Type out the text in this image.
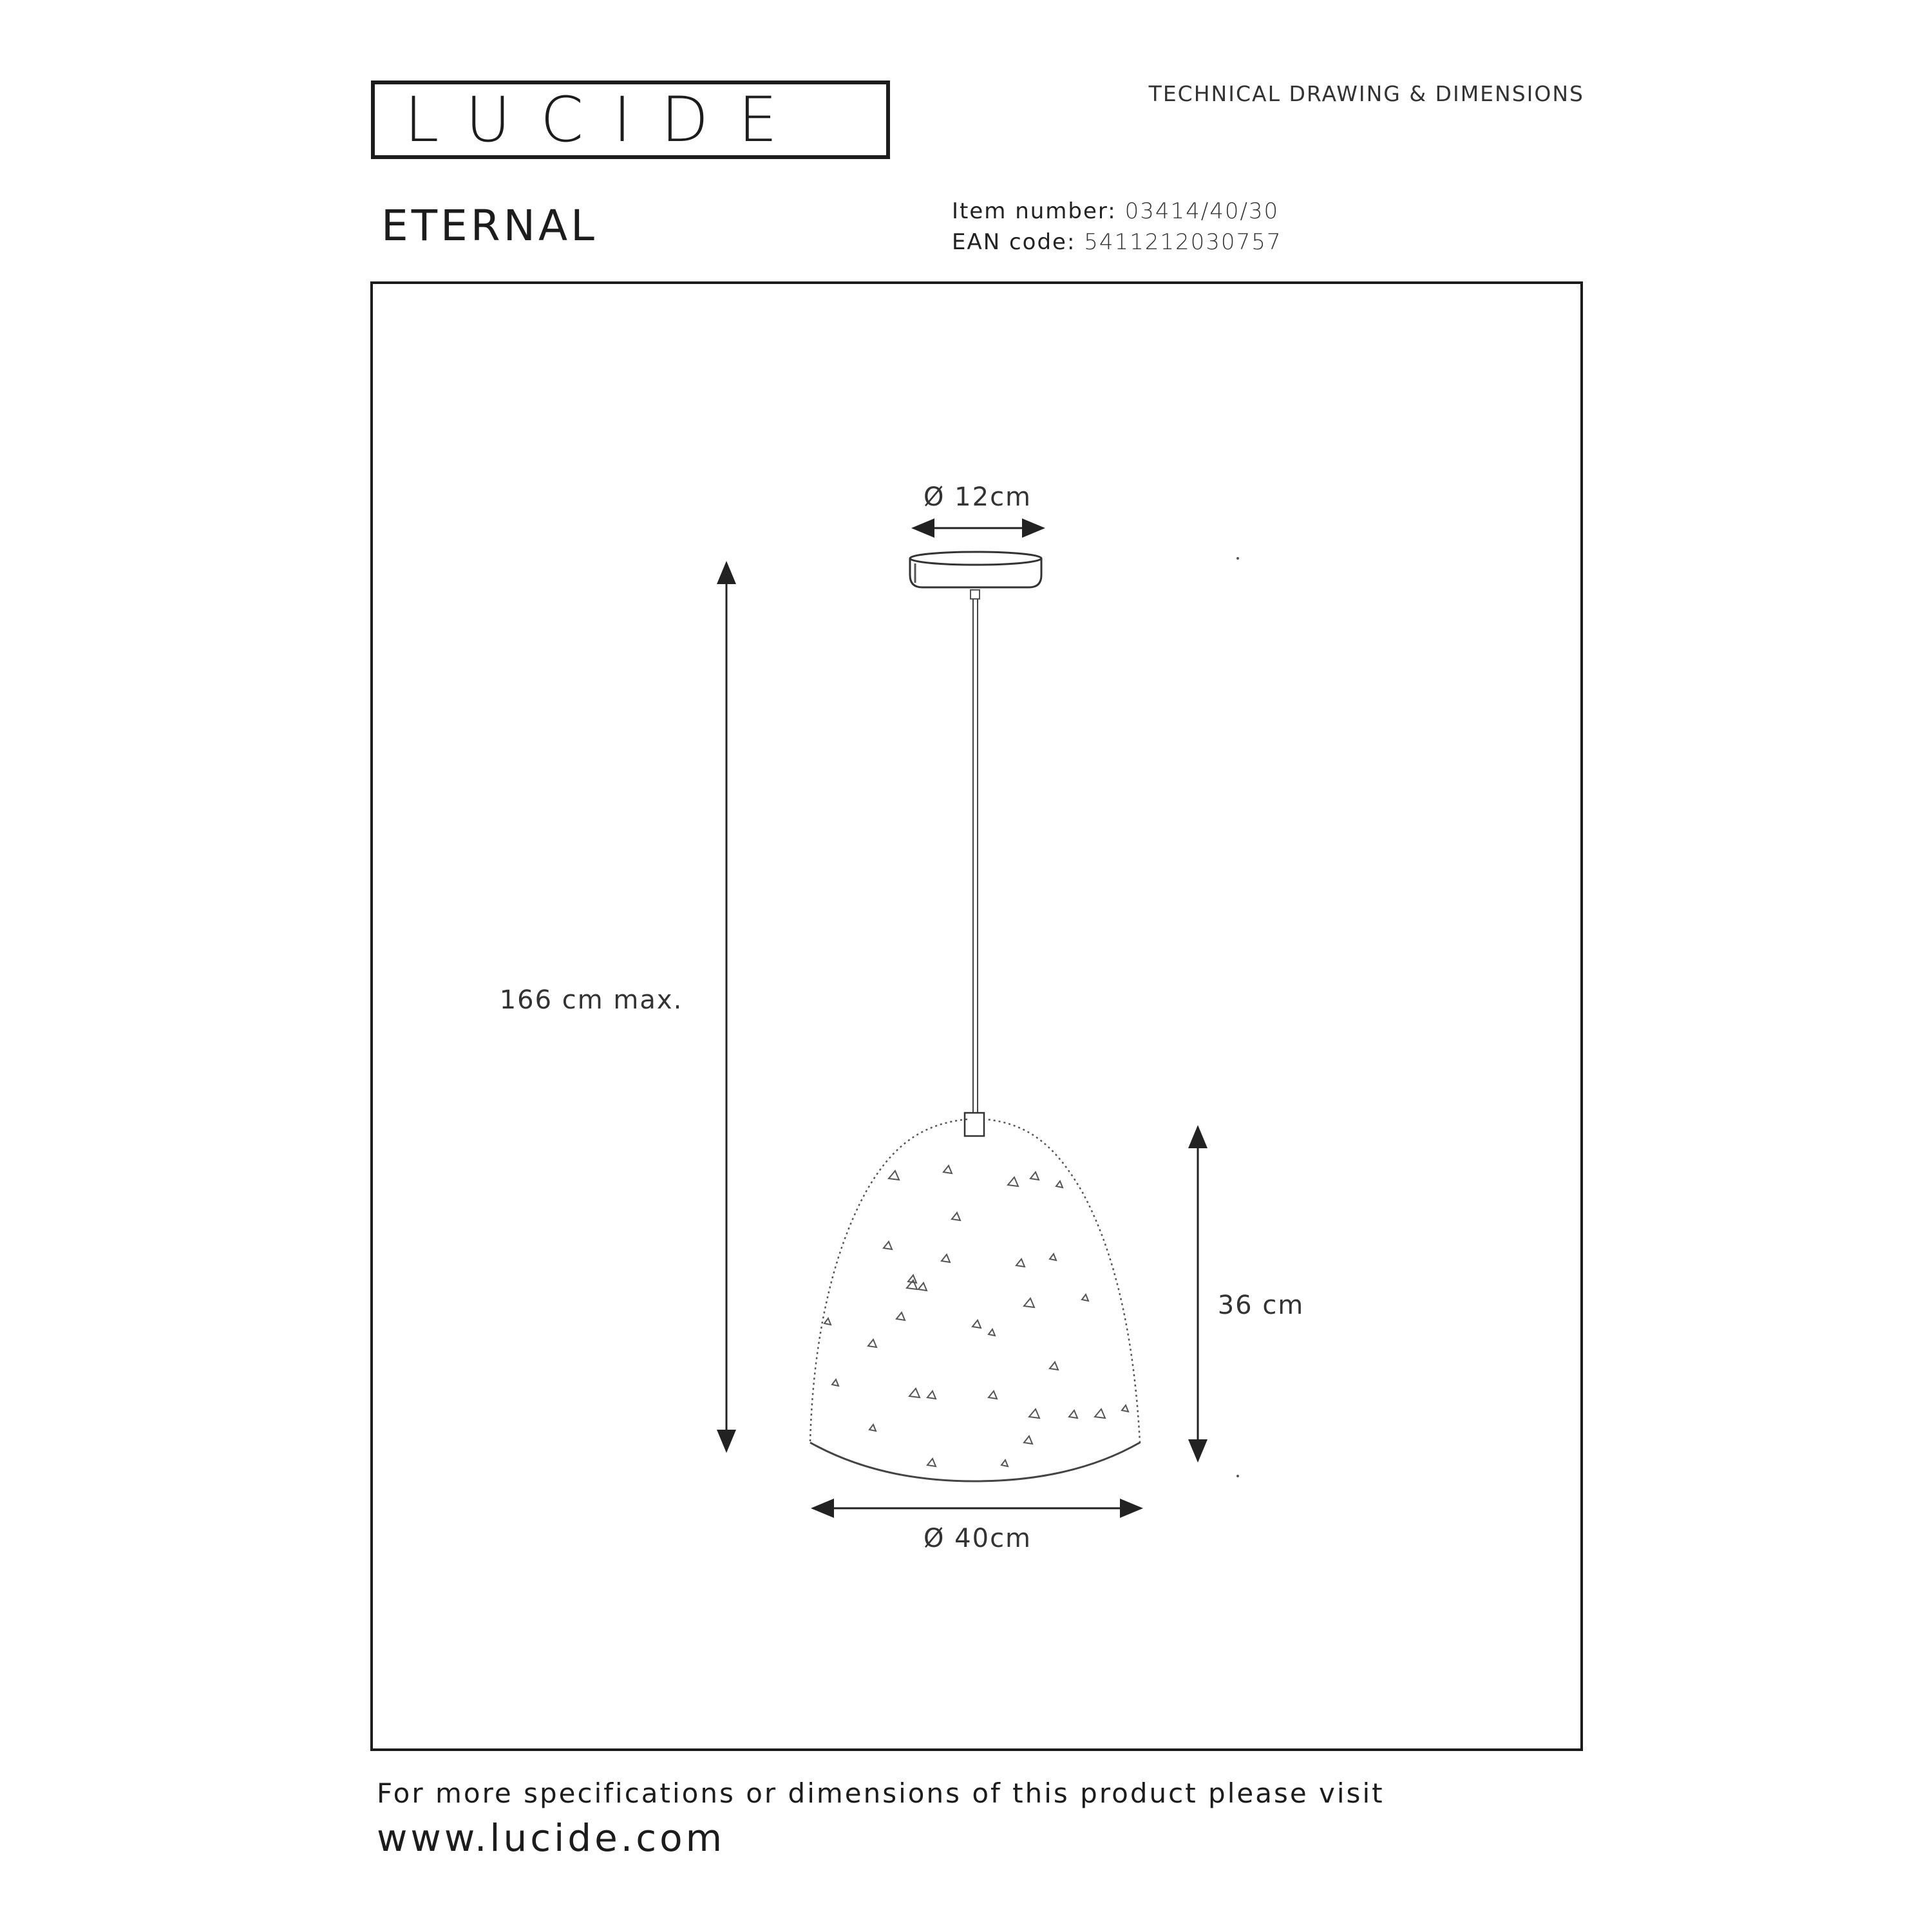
LUCIDE	TECHNICAL DRAWING & DIMENSIONS
ETERNAL	Item number: 03414/40/30
EAN code: 5411212030757
Ø 12cm
166 cm max.
36 cm
Ø 40cm
For more specifications or dimensions of this product please visit
www.lucide.com
